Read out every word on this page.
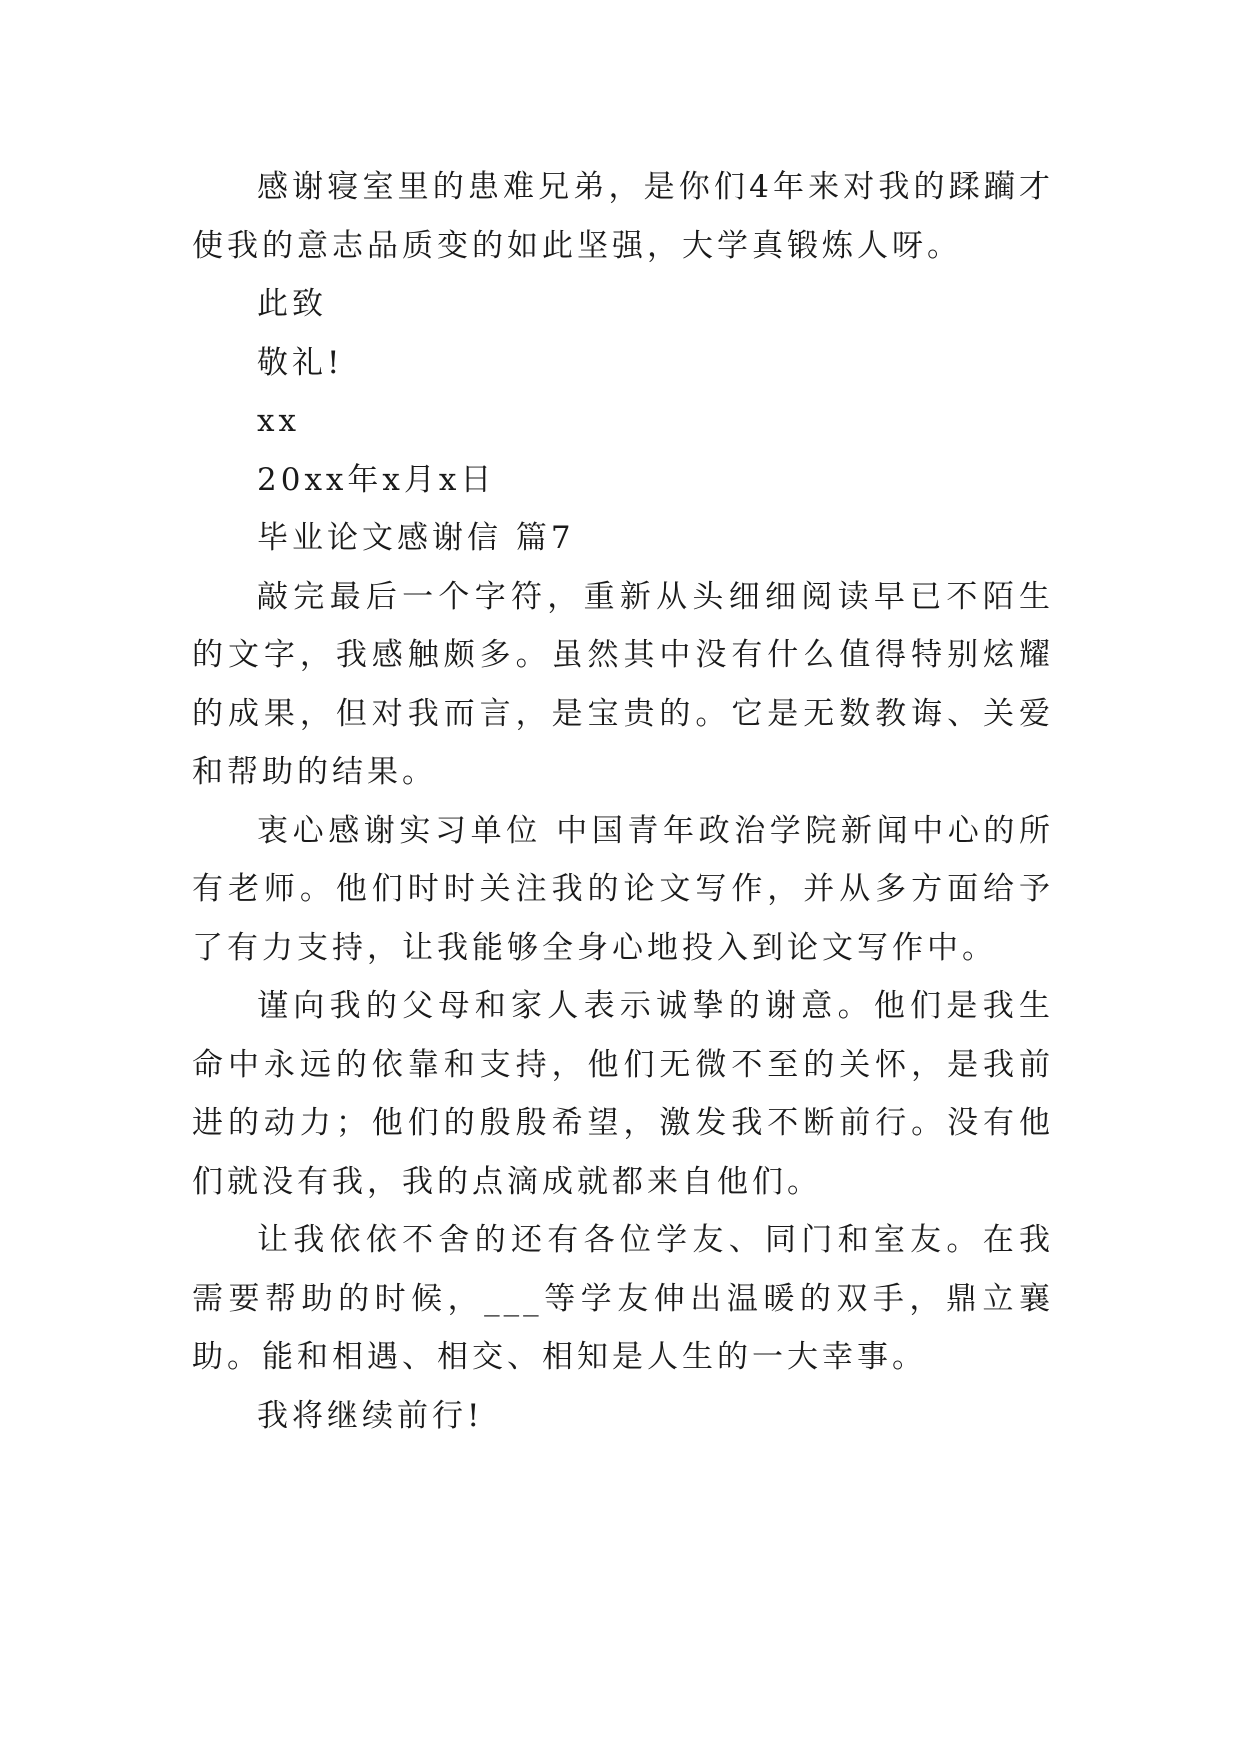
感谢寝室里的患难兄弟，是你们4年来对我的蹂躏才使我的意志品质变的如此坚强，大学真锻炼人呀。

此致

敬礼!

xx

20xx年x月x日

毕业论文感谢信 篇7

敲完最后一个字符，重新从头细细阅读早已不陌生的文字，我感触颇多。虽然其中没有什么值得特别炫耀的成果，但对我而言，是宝贵的。它是无数教诲、关爱和帮助的结果。

衷心感谢实习单位 中国青年政治学院新闻中心的所有老师。他们时时关注我的论文写作，并从多方面给予了有力支持，让我能够全身心地投入到论文写作中。

谨向我的父母和家人表示诚挚的谢意。他们是我生命中永远的依靠和支持，他们无微不至的关怀，是我前进的动力；他们的殷殷希望，激发我不断前行。没有他们就没有我，我的点滴成就都来自他们。

让我依依不舍的还有各位学友、同门和室友。在我需要帮助的时候，___等学友伸出温暖的双手，鼎立襄助。能和相遇、相交、相知是人生的一大幸事。

我将继续前行!
